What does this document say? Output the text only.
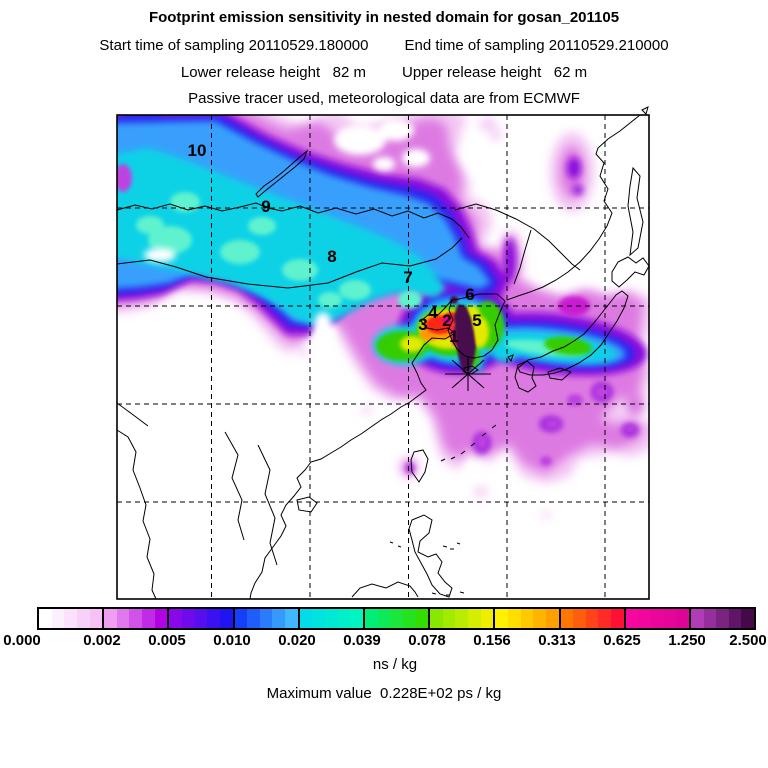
Footprint emission sensitivity in nested domain for gosan_201105
Start time of sampling 20110529.180000 End time of sampling 20110529.210000
Lower release height   82 m Upper release height   62 m
Passive tracer used, meteorological data are from ECMWF
10
9
8
7
6
5
4
3 2
1
0.000	0.002 0.005 0.010 0.020 0.039 0.078 0.156 0.313 0.625 1.250 2.500
ns / kg
Maximum value  0.228E+02 ps / kg
